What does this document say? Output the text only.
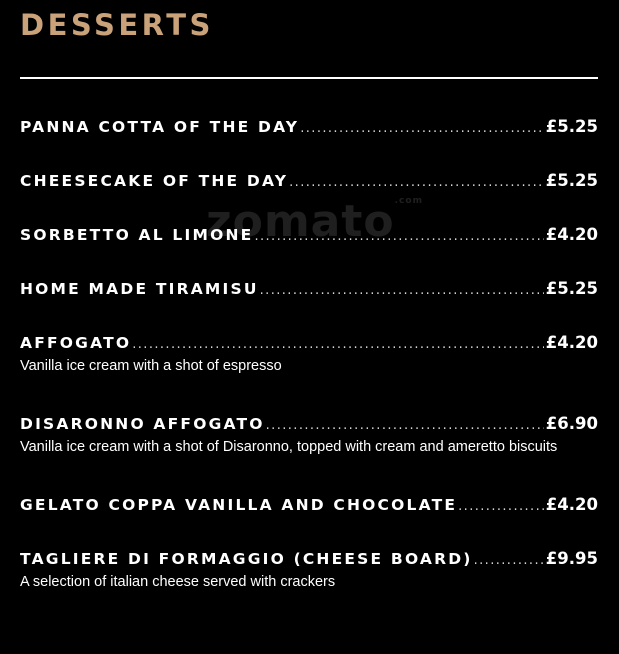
DESSERTS
zomato$^{.com}$
PANNA COTTA OF THE DAY .....	£5.25
CHEESECAKE OF THE DAY .....	£5.25
SORBETTO AL LIMONE .....	£4.20
HOME MADE TIRAMISU .....	£5.25
AFFOGATO .....	£4.20
Vanilla ice cream with a shot of espresso
DISARONNO AFFOGATO .....	£6.90
Vanilla ice cream with a shot of Disaronno, topped with cream and ameretto biscuits
GELATO COPPA VANILLA AND CHOCOLATE .....	£4.20
TAGLIERE DI FORMAGGIO (CHEESE BOARD) .....	£9.95
A selection of italian cheese served with crackers
